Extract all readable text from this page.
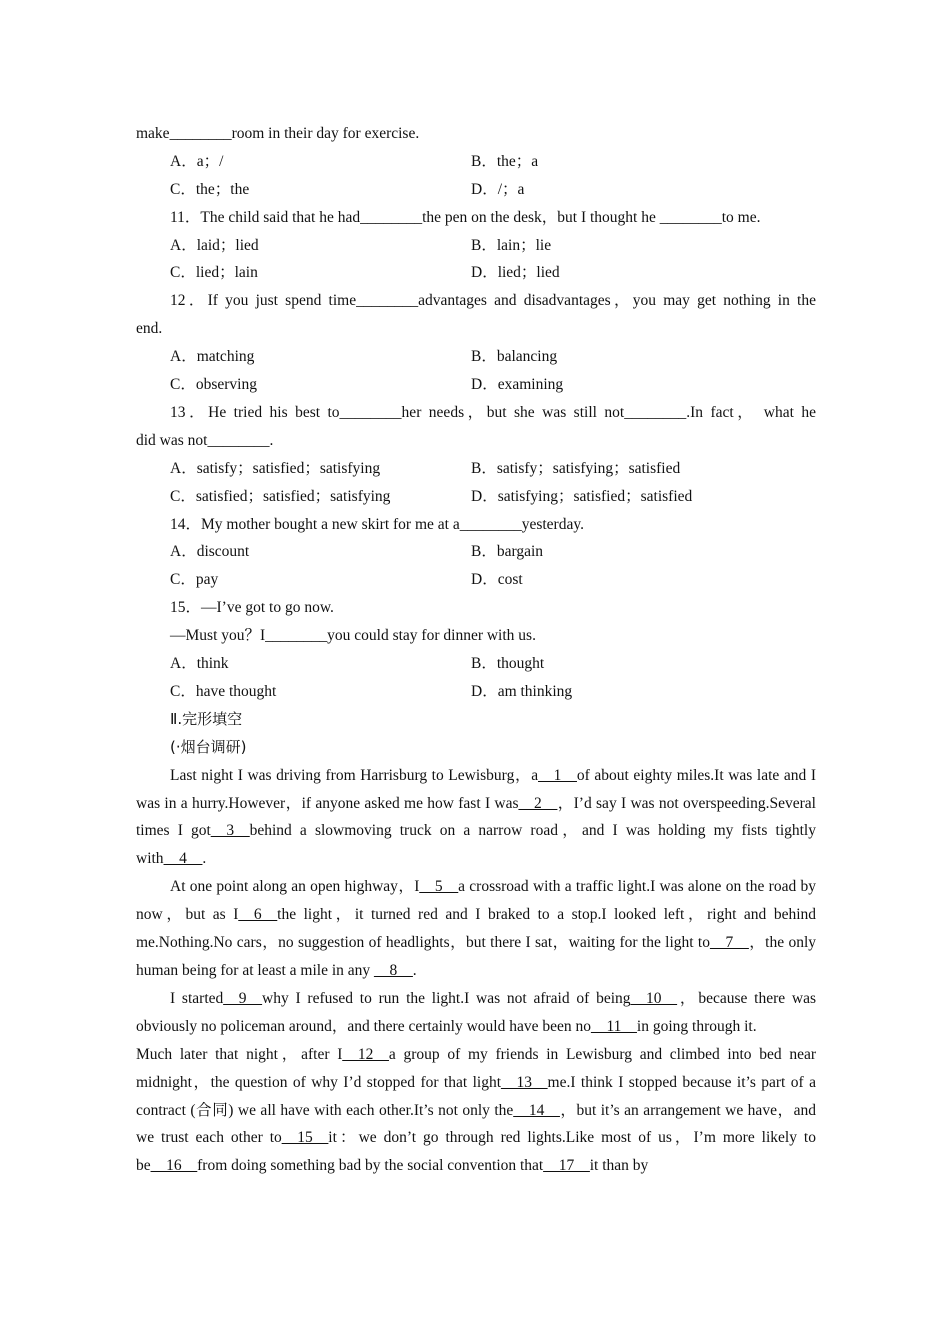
make________room in their day for exercise.
A．a；/	B．the；a
C．the；the	D．/；a
11．The child said that he had________the pen on the desk，but I thought he ________to me.
A．laid；lied	B．lain；lie
C．lied；lain	D．lied；lied
12．If you just spend time________advantages and disadvantages，you may get nothing in the
end.
A．matching	B．balancing
C．observing	D．examining
13．He tried his best to________her needs，but she was still not________.In fact， what he
did was not________.
A．satisfy；satisfied；satisfying	B．satisfy；satisfying；satisfied
C．satisfied；satisfied；satisfying	D．satisfying；satisfied；satisfied
14．My mother bought a new skirt for me at a________yesterday.
A．discount	B．bargain
C．pay	D．cost
15．—I’ve got to go now.
—Must you？I________you could stay for dinner with us.
A．think	B．thought
C．have thought	D．am thinking
Ⅱ.完形填空
(·烟台调研)
Last night I was driving from Harrisburg to Lewisburg，a__1__of about eighty miles.It was late and I was in a hurry.However，if anyone asked me how fast I was__2__，I’d say I was not overspeeding.Several times I got__3__behind a slowmoving truck on a narrow road，and I was holding my fists tightly with__4__.
At one point along an open highway，I__5__a crossroad with a traffic light.I was alone on the road by now，but as I__6__the light，it turned red and I braked to a stop.I looked left，right and behind me.Nothing.No cars，no suggestion of headlights，but there I sat，waiting for the light to__7__，the only human being for at least a mile in any __8__.
I started__9__why I refused to run the light.I was not afraid of being__10__，because there was obviously no policeman around，and there certainly would have been no__11__in going through it.
Much later that night，after I__12__a group of my friends in Lewisburg and climbed into bed near midnight，the question of why I’d stopped for that light__13__me.I think I stopped because it’s part of a contract (合同) we all have with each other.It’s not only the__14__，but it’s an arrangement we have，and we trust each other to__15__it：we don’t go through red lights.Like most of us，I’m more likely to be__16__from doing something bad by the social convention that__17__it than by
